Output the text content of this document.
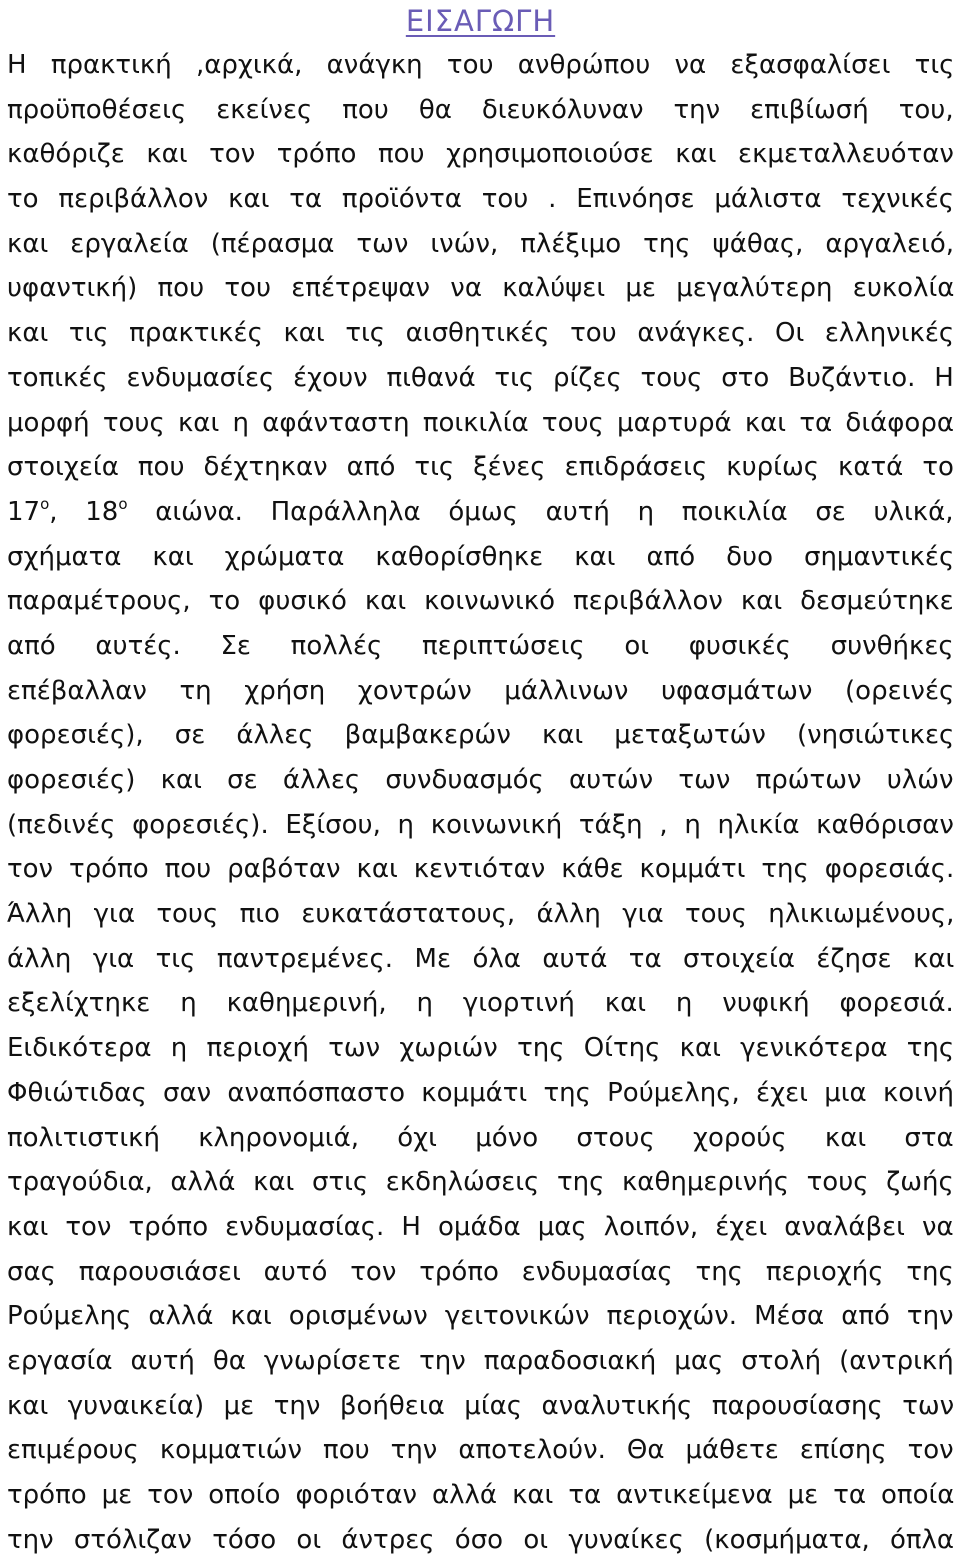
ΕΙΣΑΓΩΓΗ
Η πρακτική ,αρχικά, ανάγκη του ανθρώπου να εξασφαλίσει τις
προϋποθέσεις εκείνες που θα διευκόλυναν την επιβίωσή του,
καθόριζε και τον τρόπο που χρησιμοποιούσε και εκμεταλλευόταν
το περιβάλλον και τα προϊόντα του . Επινόησε μάλιστα τεχνικές
και εργαλεία (πέρασμα των ινών, πλέξιμο της ψάθας, αργαλειό,
υφαντική) που του επέτρεψαν να καλύψει με μεγαλύτερη ευκολία
και τις πρακτικές και τις αισθητικές του ανάγκες. Οι ελληνικές
τοπικές ενδυμασίες έχουν πιθανά τις ρίζες τους στο Βυζάντιο. Η
μορφή τους και η αφάνταστη ποικιλία τους μαρτυρά και τα διάφορα
στοιχεία που δέχτηκαν από τις ξένες επιδράσεις κυρίως κατά το
$17^o$, $18^o$ αιώνα. Παράλληλα όμως αυτή η ποικιλία σε υλικά,
σχήματα και χρώματα καθορίσθηκε και από δυο σημαντικές
παραμέτρους, το φυσικό και κοινωνικό περιβάλλον και δεσμεύτηκε
από αυτές. Σε πολλές περιπτώσεις οι φυσικές συνθήκες
επέβαλλαν τη χρήση χοντρών μάλλινων υφασμάτων (ορεινές
φορεσιές), σε άλλες βαμβακερών και μεταξωτών (νησιώτικες
φορεσιές) και σε άλλες συνδυασμός αυτών των πρώτων υλών
(πεδινές φορεσιές). Εξίσου, η κοινωνική τάξη , η ηλικία καθόρισαν
τον τρόπο που ραβόταν και κεντιόταν κάθε κομμάτι της φορεσιάς.
Άλλη για τους πιο ευκατάστατους, άλλη για τους ηλικιωμένους,
άλλη για τις παντρεμένες. Με όλα αυτά τα στοιχεία έζησε και
εξελίχτηκε η καθημερινή, η γιορτινή και η νυφική φορεσιά.
Ειδικότερα η περιοχή των χωριών της Οίτης και γενικότερα της
Φθιώτιδας σαν αναπόσπαστο κομμάτι της Ρούμελης, έχει μια κοινή
πολιτιστική κληρονομιά, όχι μόνο στους χορούς και στα
τραγούδια, αλλά και στις εκδηλώσεις της καθημερινής τους ζωής
και τον τρόπο ενδυμασίας. Η ομάδα μας λοιπόν, έχει αναλάβει να
σας παρουσιάσει αυτό τον τρόπο ενδυμασίας της περιοχής της
Ρούμελης αλλά και ορισμένων γειτονικών περιοχών. Μέσα από την
εργασία αυτή θα γνωρίσετε την παραδοσιακή μας στολή (αντρική
και γυναικεία) με την βοήθεια μίας αναλυτικής παρουσίασης των
επιμέρους κομματιών που την αποτελούν. Θα μάθετε επίσης τον
τρόπο με τον οποίο φοριόταν αλλά και τα αντικείμενα με τα οποία
την στόλιζαν τόσο οι άντρες όσο οι γυναίκες (κοσμήματα, όπλα
